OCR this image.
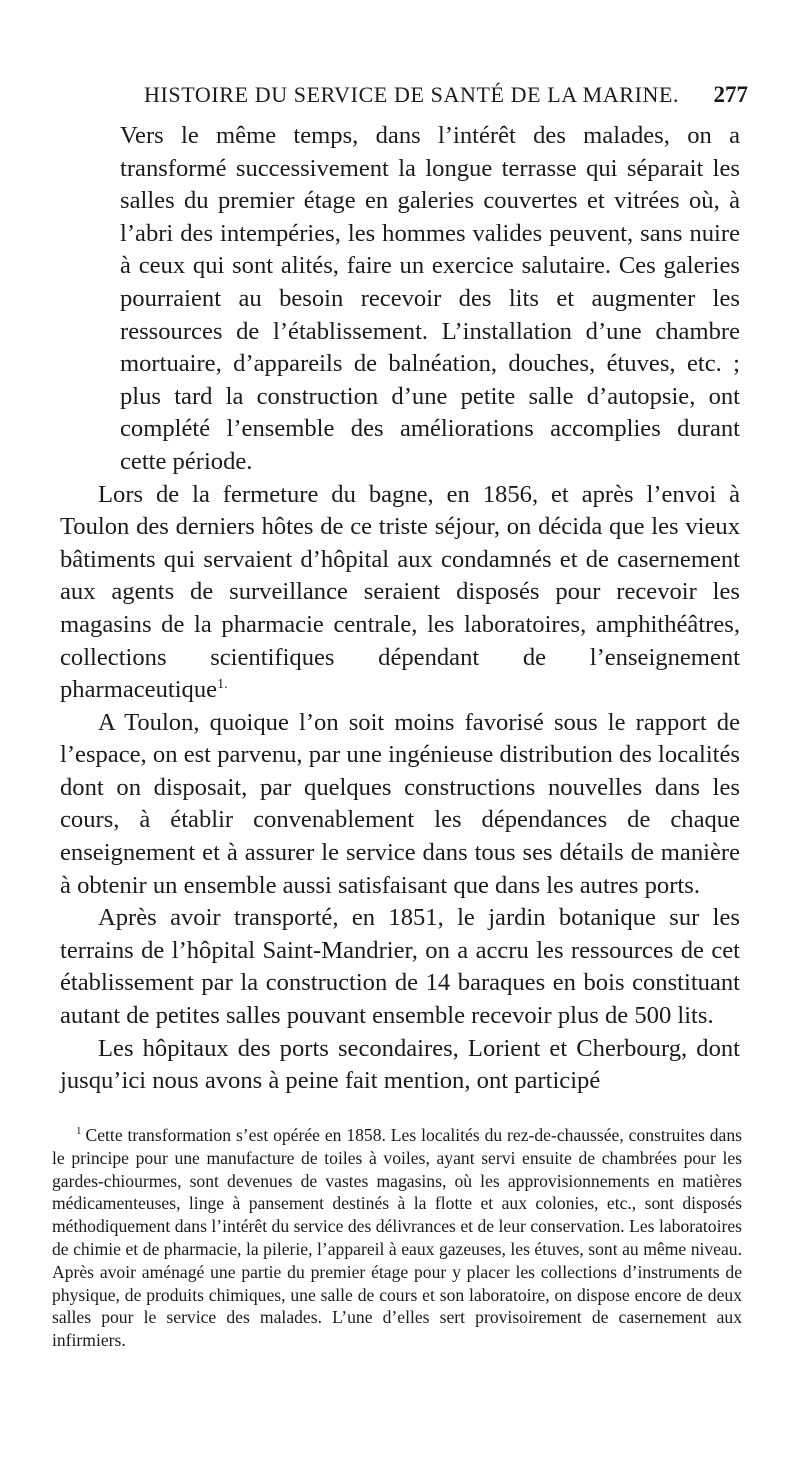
HISTOIRE DU SERVICE DE SANTÉ DE LA MARINE. 277

Vers le même temps, dans l’intérêt des malades, on a transformé successivement la longue terrasse qui séparait les salles du premier étage en galeries couvertes et vitrées où, à l’abri des intempéries, les hommes valides peuvent, sans nuire à ceux qui sont alités, faire un exercice salutaire. Ces galeries pourraient au besoin recevoir des lits et augmenter les ressources de l’établissement. L’installation d’une chambre mortuaire, d’appareils de balnéation, douches, étuves, etc. ; plus tard la construction d’une petite salle d’autopsie, ont complété l’ensemble des améliorations accomplies durant cette période.

Lors de la fermeture du bagne, en 1856, et après l’envoi à Toulon des derniers hôtes de ce triste séjour, on décida que les vieux bâtiments qui servaient d’hôpital aux condamnés et de casernement aux agents de surveillance seraient disposés pour recevoir les magasins de la pharmacie centrale, les laboratoires, amphithéâtres, collections scientifiques dépendant de l’enseignement pharmaceutique$^{1.}$

A Toulon, quoique l’on soit moins favorisé sous le rapport de l’espace, on est parvenu, par une ingénieuse distribution des localités dont on disposait, par quelques constructions nouvelles dans les cours, à établir convenablement les dépendances de chaque enseignement et à assurer le service dans tous ses détails de manière à obtenir un ensemble aussi satisfaisant que dans les autres ports.

Après avoir transporté, en 1851, le jardin botanique sur les terrains de l’hôpital Saint-Mandrier, on a accru les ressources de cet établissement par la construction de 14 baraques en bois constituant autant de petites salles pouvant ensemble recevoir plus de 500 lits.

Les hôpitaux des ports secondaires, Lorient et Cherbourg, dont jusqu’ici nous avons à peine fait mention, ont participé

$^1$ Cette transformation s’est opérée en 1858. Les localités du rez-de-chaussée, construites dans le principe pour une manufacture de toiles à voiles, ayant servi ensuite de chambrées pour les gardes-chiourmes, sont devenues de vastes magasins, où les approvisionnements en matières médicamenteuses, linge à pansement destinés à la flotte et aux colonies, etc., sont disposés méthodiquement dans l’intérêt du service des délivrances et de leur conservation. Les laboratoires de chimie et de pharmacie, la pilerie, l’appareil à eaux gazeuses, les étuves, sont au même niveau. Après avoir aménagé une partie du premier étage pour y placer les collections d’instruments de physique, de produits chimiques, une salle de cours et son laboratoire, on dispose encore de deux salles pour le service des malades. L’une d’elles sert provisoirement de casernement aux infirmiers.
